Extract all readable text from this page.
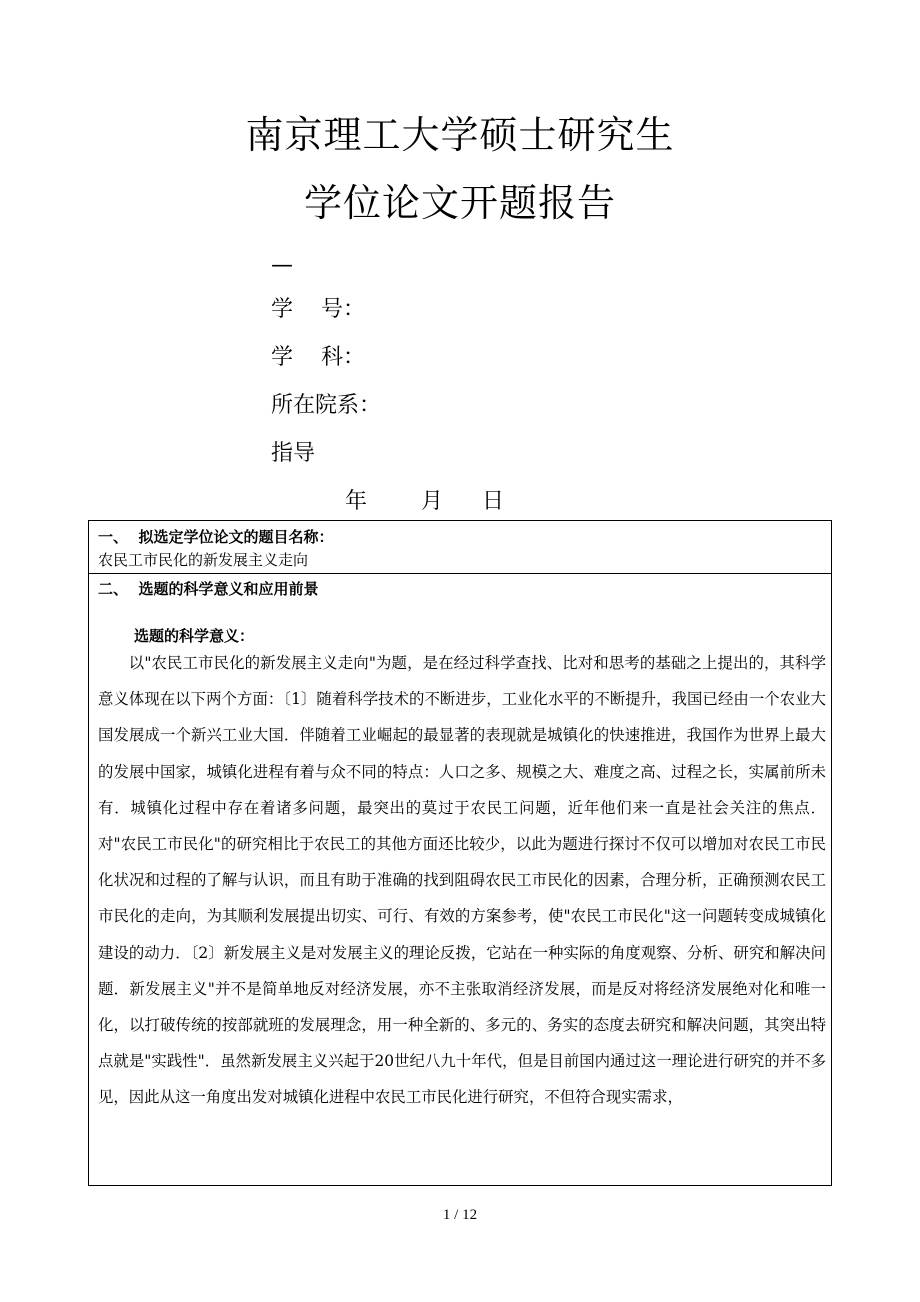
南京理工大学硕士研究生
学位论文开题报告
—
学    号：
学    科：
所在院系：
指导
年 月 日
一、  拟选定学位论文的题目名称：
农民工市民化的新发展主义走向
二、  选题的科学意义和应用前景
选题的科学意义：
以"农民工市民化的新发展主义走向"为题，是在经过科学查找、比对和思考的基础之上提出的，其科学意义体现在以下两个方面：〔1〕随着科学技术的不断进步，工业化水平的不断提升，我国已经由一个农业大国发展成一个新兴工业大国．伴随着工业崛起的最显著的表现就是城镇化的快速推进，我国作为世界上最大的发展中国家，城镇化进程有着与众不同的特点：人口之多、规模之大、难度之高、过程之长，实属前所未有．城镇化过程中存在着诸多问题，最突出的莫过于农民工问题，近年他们来一直是社会关注的焦点．对"农民工市民化"的研究相比于农民工的其他方面还比较少，以此为题进行探讨不仅可以增加对农民工市民化状况和过程的了解与认识，而且有助于准确的找到阻碍农民工市民化的因素，合理分析，正确预测农民工市民化的走向，为其顺利发展提出切实、可行、有效的方案参考，使"农民工市民化"这一问题转变成城镇化建设的动力．〔2〕新发展主义是对发展主义的理论反拨，它站在一种实际的角度观察、分析、研究和解决问题．新发展主义"并不是简单地反对经济发展，亦不主张取消经济发展，而是反对将经济发展绝对化和唯一化，以打破传统的按部就班的发展理念，用一种全新的、多元的、务实的态度去研究和解决问题，其突出特点就是"实践性"．虽然新发展主义兴起于20世纪八九十年代，但是目前国内通过这一理论进行研究的并不多见，因此从这一角度出发对城镇化进程中农民工市民化进行研究，不但符合现实需求，
1 / 12
